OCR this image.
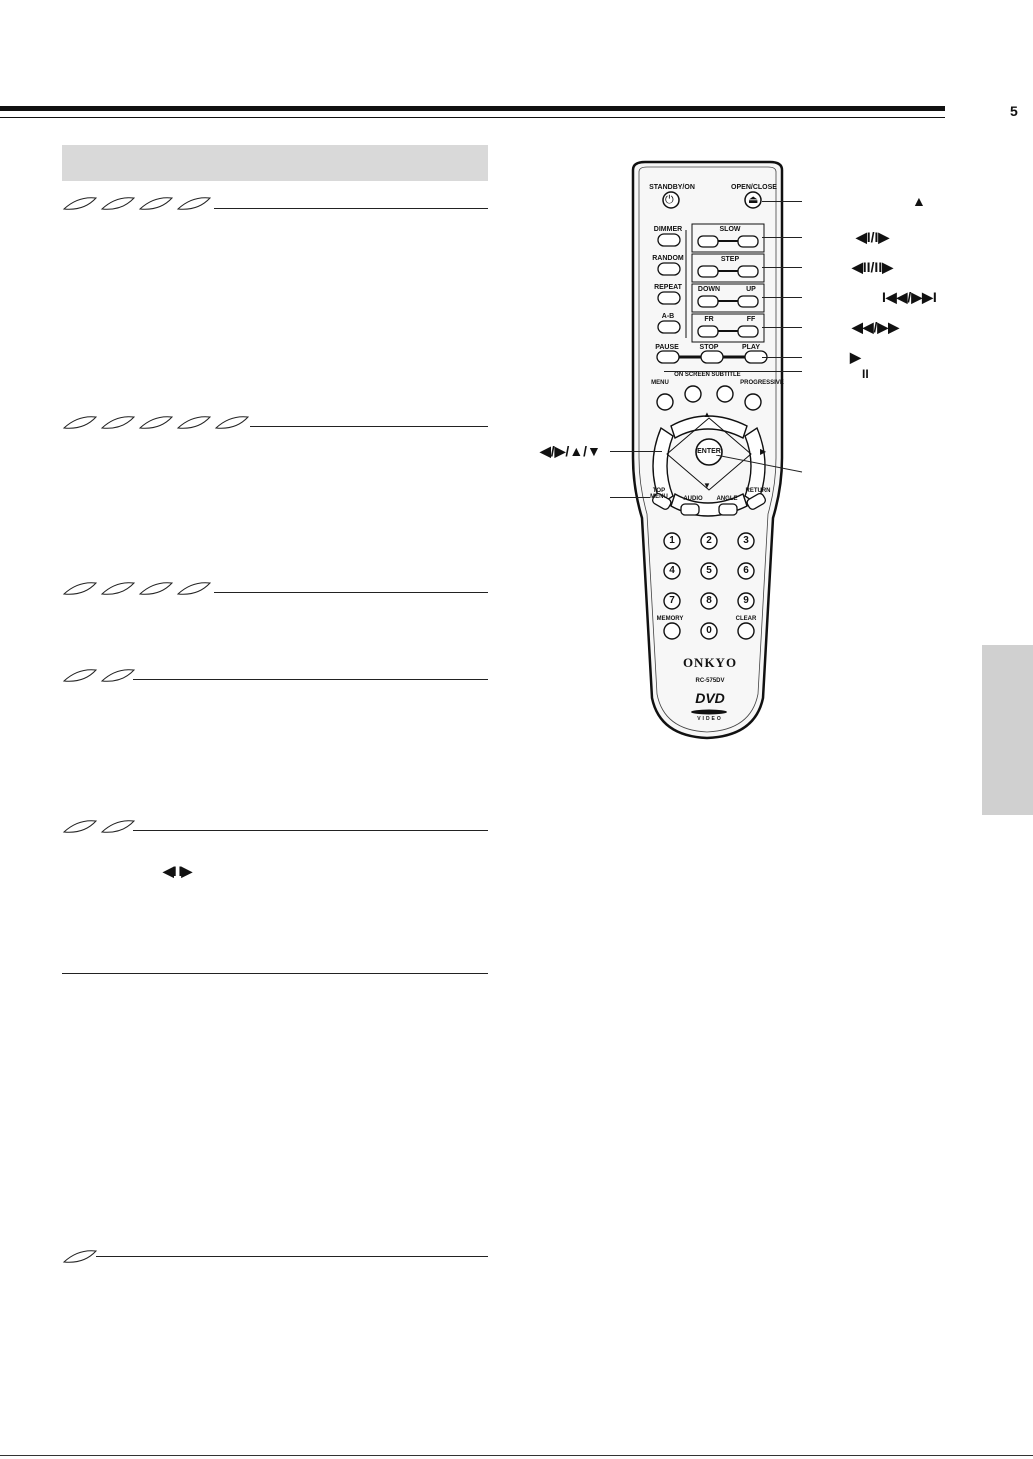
5
◀I I▶
STANDBY/ON	OPEN/CLOSE
⏻	⏏
DIMMER
RANDOM
REPEAT
A-B
SLOW
STEP
DOWN	UP
FR	FF
PAUSE	STOP	PLAY
MENU
ON SCREEN SUBTITLE
PROGRESSIVE
ENTER
▲
▼
▶
TOP MENU	AUDIO	ANGLE
RETURN
1	2	3
4	5	6
7	8	9
0
MEMORY	CLEAR
ONKYO
RC-575DV
DVD
VIDEO
▲
◀I/I▶
◀II/II▶
I◀◀/▶▶I
◀◀/▶▶
▶
II
◀/▶/▲/▼
